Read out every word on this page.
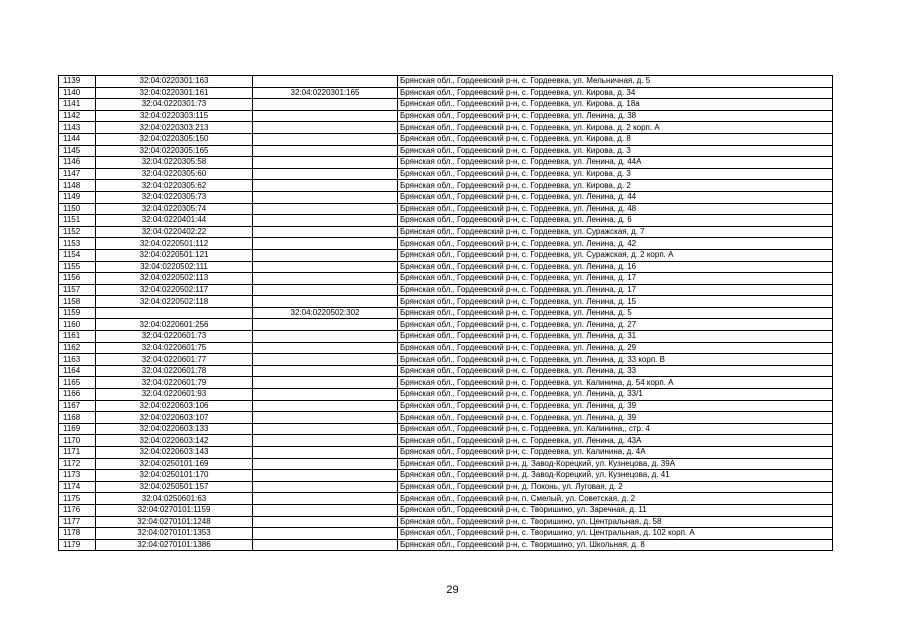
1139	32:04:0220301:163		Брянская обл., Гордеевский р-н, с. Гордеевка, ул. Мельничная, д. 5
1140	32:04:0220301:161	32:04:0220301:165	Брянская обл., Гордеевский р-н, с. Гордеевка, ул. Кирова, д. 34
1141	32:04:0220301:73		Брянская обл., Гордеевский р-н, с. Гордеевка, ул. Кирова, д. 18а
1142	32:04:0220303:115		Брянская обл., Гордеевский р-н, с. Гордеевка, ул. Ленина, д. 38
1143	32:04:0220303:213		Брянская обл., Гордеевский р-н, с. Гордеевка, ул. Кирова, д. 2 корп. А
1144	32:04:0220305:150		Брянская обл., Гордеевский р-н, с. Гордеевка, ул. Кирова, д. 8
1145	32:04:0220305:165		Брянская обл., Гордеевский р-н, с. Гордеевка, ул. Кирова, д. 3
1146	32:04:0220305:58		Брянская обл., Гордеевский р-н, с. Гордеевка, ул. Ленина, д. 44А
1147	32:04:0220305:60		Брянская обл., Гордеевский р-н, с. Гордеевка, ул. Кирова, д. 3
1148	32:04:0220305:62		Брянская обл., Гордеевский р-н, с. Гордеевка, ул. Кирова, д. 2
1149	32:04:0220305:73		Брянская обл., Гордеевский р-н, с. Гордеевка, ул. Ленина, д. 44
1150	32:04:0220305:74		Брянская обл., Гордеевский р-н, с. Гордеевка, ул. Ленина, д. 48
1151	32:04:0220401:44		Брянская обл., Гордеевский р-н, с. Гордеевка, ул. Ленина, д. 6
1152	32:04:0220402:22		Брянская обл., Гордеевский р-н, с. Гордеевка, ул. Суражская, д. 7
1153	32:04:0220501:112		Брянская обл., Гордеевский р-н, с. Гордеевка, ул. Ленина, д. 42
1154	32:04:0220501:121		Брянская обл., Гордеевский р-н, с. Гордеевка, ул. Суражская, д. 2 корп. А
1155	32:04:0220502:111		Брянская обл., Гордеевский р-н, с. Гордеевка, ул. Ленина, д. 16
1156	32:04:0220502:113		Брянская обл., Гордеевский р-н, с. Гордеевка, ул. Ленина, д. 17
1157	32:04:0220502:117		Брянская обл., Гордеевский р-н, с. Гордеевка, ул. Ленина, д. 17
1158	32:04:0220502:118		Брянская обл., Гордеевский р-н, с. Гордеевка, ул. Ленина, д. 15
1159		32:04:0220502:302	Брянская обл., Гордеевский р-н, с. Гордеевка, ул. Ленина, д. 5
1160	32:04:0220601:256		Брянская обл., Гордеевский р-н, с. Гордеевка, ул. Ленина, д. 27
1161	32:04:0220601:73		Брянская обл., Гордеевский р-н, с. Гордеевка, ул. Ленина, д. 31
1162	32:04:0220601:75		Брянская обл., Гордеевский р-н, с. Гордеевка, ул. Ленина, д. 29
1163	32:04:0220601:77		Брянская обл., Гордеевский р-н, с. Гордеевка, ул. Ленина, д. 33 корп. В
1164	32:04:0220601:78		Брянская обл., Гордеевский р-н, с. Гордеевка, ул. Ленина, д. 33
1165	32:04:0220601:79		Брянская обл., Гордеевский р-н, с. Гордеевка, ул. Калинина, д. 54 корп. А
1166	32:04:0220601:93		Брянская обл., Гордеевский р-н, с. Гордеевка, ул. Ленина, д. 33/1
1167	32:04:0220603:106		Брянская обл., Гордеевский р-н, с. Гордеевка, ул. Ленина, д. 39
1168	32:04:0220603:107		Брянская обл., Гордеевский р-н, с. Гордеевка, ул. Ленина, д. 39
1169	32:04:0220603:133		Брянская обл., Гордеевский р-н, с. Гордеевка, ул. Калинина,, стр. 4
1170	32:04:0220603:142		Брянская обл., Гордеевский р-н, с. Гордеевка, ул. Ленина, д. 43А
1171	32:04:0220603:143		Брянская обл., Гордеевский р-н, с. Гордеевка, ул. Калинина, д. 4А
1172	32:04:0250101:169		Брянская обл., Гордеевский р-н, д. Завод-Корецкий, ул. Кузнецова, д. 39А
1173	32:04:0250101:170		Брянская обл., Гордеевский р-н, д. Завод-Корецкий, ул. Кузнецова, д. 41
1174	32:04:0250501:157		Брянская обл., Гордеевский р-н, д. Поконь, ул. Луговая, д. 2
1175	32:04:0250601:63		Брянская обл., Гордеевский р-н, п. Смелый, ул. Советская, д. 2
1176	32:04:0270101:1159		Брянская обл., Гордеевский р-н, с. Творишино, ул. Заречная, д. 11
1177	32:04:0270101:1248		Брянская обл., Гордеевский р-н, с. Творишино, ул. Центральная, д. 58
1178	32:04:0270101:1353		Брянская обл., Гордеевский р-н, с. Творишино, ул. Центральная, д. 102 корп. А
1179	32:04:0270101:1386		Брянская обл., Гордеевский р-н, с. Творишино, ул. Школьная, д. 8
29
